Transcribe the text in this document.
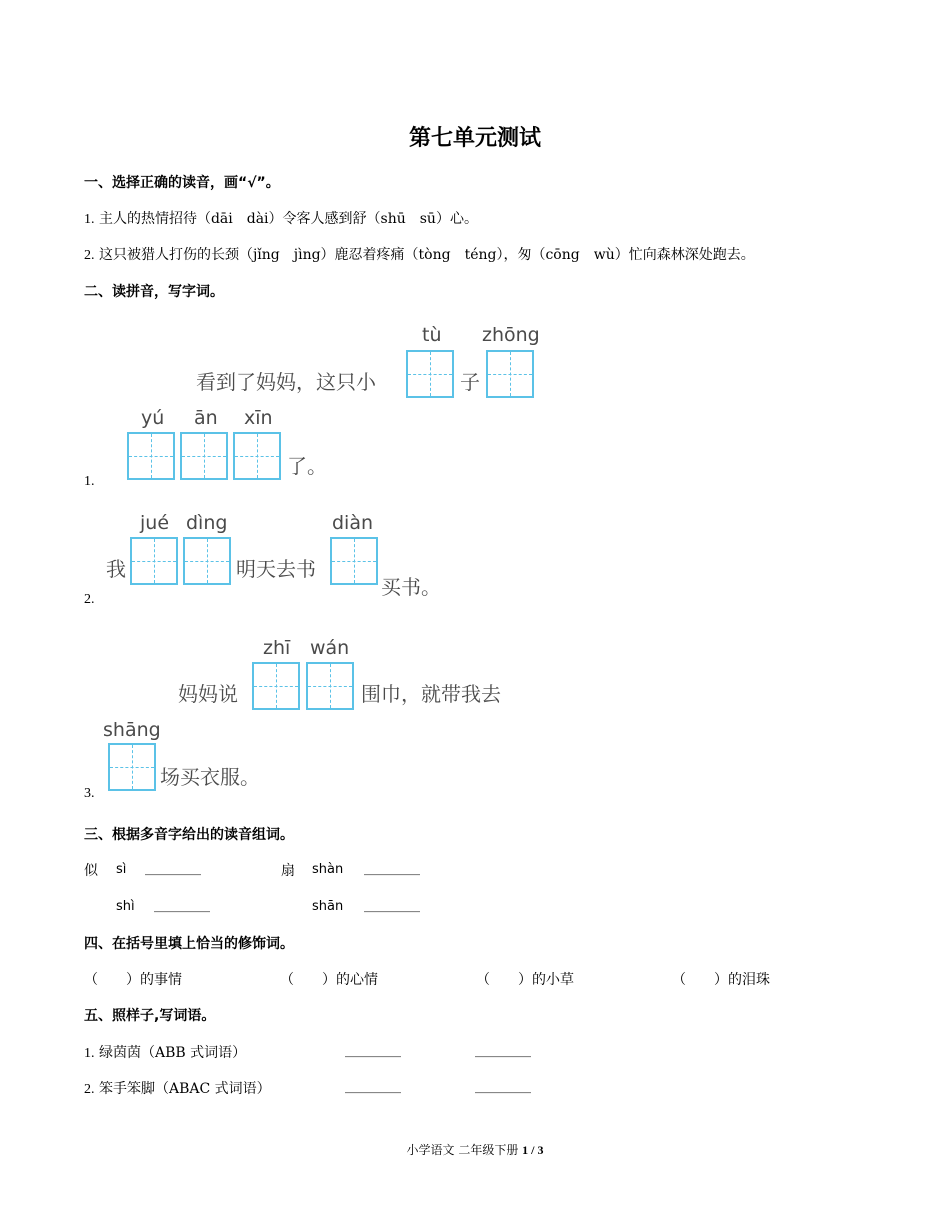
第七单元测试
一、选择正确的读音，画“√”。
1. 主人的热情招待（dāi　dài）令客人感到舒（shū　sū）心。
2. 这只被猎人打伤的长颈（jǐng　jìng）鹿忍着疼痛（tòng　téng），匆（cōng　wù）忙向森林深处跑去。
二、读拼音，写字词。
tù zhōng
看到了妈妈，这只小	子
yú ān xīn
了。
1.
jué dìng	diàn
我	明天去书
买书。
2.
zhī wán
妈妈说	围巾，就带我去
shāng
场买衣服。
3.
三、根据多音字给出的读音组词。
似 sì ________	扇 shàn ________
shì ________	shān ________
四、在括号里填上恰当的修饰词。
（　　）的事情	（　　）的心情	（　　）的小草	（　　）的泪珠
五、照样子,写词语。
1. 绿茵茵（ABB 式词语）	________	________
2. 笨手笨脚（ABAC 式词语）	________	________
小学语文 二年级下册 1 / 3
